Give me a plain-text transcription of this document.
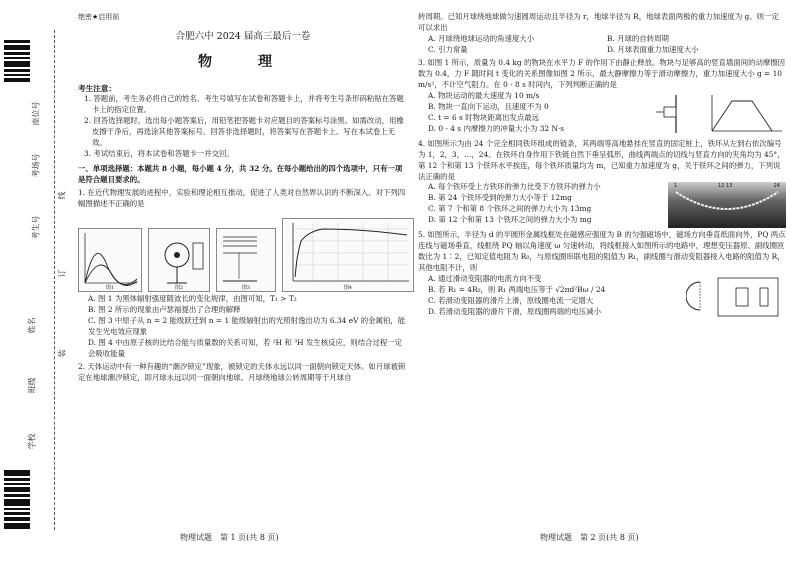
座位号
考场号
考生号
姓名
班级
学校
线
订
装
绝密★启用前
合肥六中 2024 届高三最后一卷
物　理
考生注意：
1. 答题前，考生务必将自己的姓名、考生号填写在试卷和答题卡上，并将考生号条形码粘贴在答题卡上的指定位置。
2. 回答选择题时，选出每小题答案后，用铅笔把答题卡对应题目的答案标号涂黑。如需改动，用橡皮擦干净后，再选涂其他答案标号。回答非选择题时，将答案写在答题卡上。写在本试卷上无效。
3. 考试结束后，将本试卷和答题卡一并交回。
一、单项选择题：本题共 8 小题，每小题 4 分，共 32 分。在每小题给出的四个选项中，只有一项是符合题目要求的。
1. 在近代物理发展的进程中，实验和理论相互推动，促进了人类对自然界认识的不断深入。对下列四幅图描述不正确的是
图1	图2	图3	图4
A. 图 1 为黑体辐射强度随波长的变化规律，由图可知，T₁ > T₂
B. 图 2 所示的现象由卢瑟福提出了合理的解释
C. 图 3 中原子从 n = 2 能级跃迁到 n = 1 能级辐射出的光照射逸出功为 6.34 eV 的金属铂，能发生光电效应现象
D. 图 4 中由原子核的比结合能与质量数的关系可知，若 ²H 和 ³H 发生核反应，则结合过程一定会吸收能量
2. 天体运动中有一种有趣的“潮汐锁定”现象，被锁定的天体永远以同一面朝向锁定天体。如月球被锁定在地球潮汐锁定，即月球永远以同一面朝向地球。月球绕地球公转周期等于月球自
物理试题　第 1 页(共 8 页)
转周期。已知月球绕地球做匀速圆周运动且半径为 r，地球半径为 R，地球表面两极的重力加速度为 g。则一定可以求出
A. 月球绕地球运动的角速度大小	B. 月球的自转周期
C. 引力常量	D. 月球表面重力加速度大小
3. 如图 1 所示，质量为 0.4 kg 的物块在水平力 F 的作用下由静止释放。物块与足够高的竖直墙面间的动摩擦因数为 0.4，力 F 随时间 t 变化的关系图像如图 2 所示，最大静摩擦力等于滑动摩擦力，重力加速度大小 g = 10 m/s²，不计空气阻力。在 0 - 8 s 时间内，下列判断正确的是
A. 物块运动的最大速度为 10 m/s
B. 物块一直向下运动，且速度不为 0
C. t = 6 s 时物块距离出发点最远
D. 0 - 4 s 内摩擦力的冲量大小为 32 N·s
4. 如图所示为由 24 个完全相同铁环组成的链条，其两端等高地悬挂在竖直的固定桩上，铁环从左到右依次编号为 1，2，3，…，24。在铁环自身作用下铁链自然下垂呈弧形，曲线两端点的切线与竖直方向的夹角均为 45°，第 12 个和第 13 个铁环水平挨连，每个铁环质量均为 m，已知重力加速度为 g，关于铁环之间的弹力，下列说法正确的是
A. 每个铁环受上方铁环的弹力比受下方铁环的弹力小
B. 第 24 个铁环受到的弹力大小等于 12mg
C. 第 7 个和第 8 个铁环之间的弹力大小为 13mg
D. 第 12 个和第 13 个铁环之间的弹力大小为 mg
1	12 13	24
5. 如图所示，半径为 d 的半圆形金属线框处在磁感应强度为 B 的匀强磁场中，磁场方向垂直纸面向外，PQ 两点连线与磁场垂直，线框绕 PQ 轴以角速度 ω 匀速转动，将线框接入如图所示的电路中，理想变压器原、副线圈匝数比为 1∶2，已知定值电阻为 R₀，与原线圈串联电阻的阻值为 R₁，副线圈与滑动变阻器接入电路的阻值为 R，其他电阻不计，则
A. 通过滑动变阻器的电流方向不变
B. 若 R₁ = 4R₀，则 R₁ 两端电压等于 √2πd²Bω / 24
C. 若滑动变阻器的滑片上滑，原线圈电流一定增大
D. 若滑动变阻器的滑片下滑，原线圈两端的电压减小
物理试题　第 2 页(共 8 页)
